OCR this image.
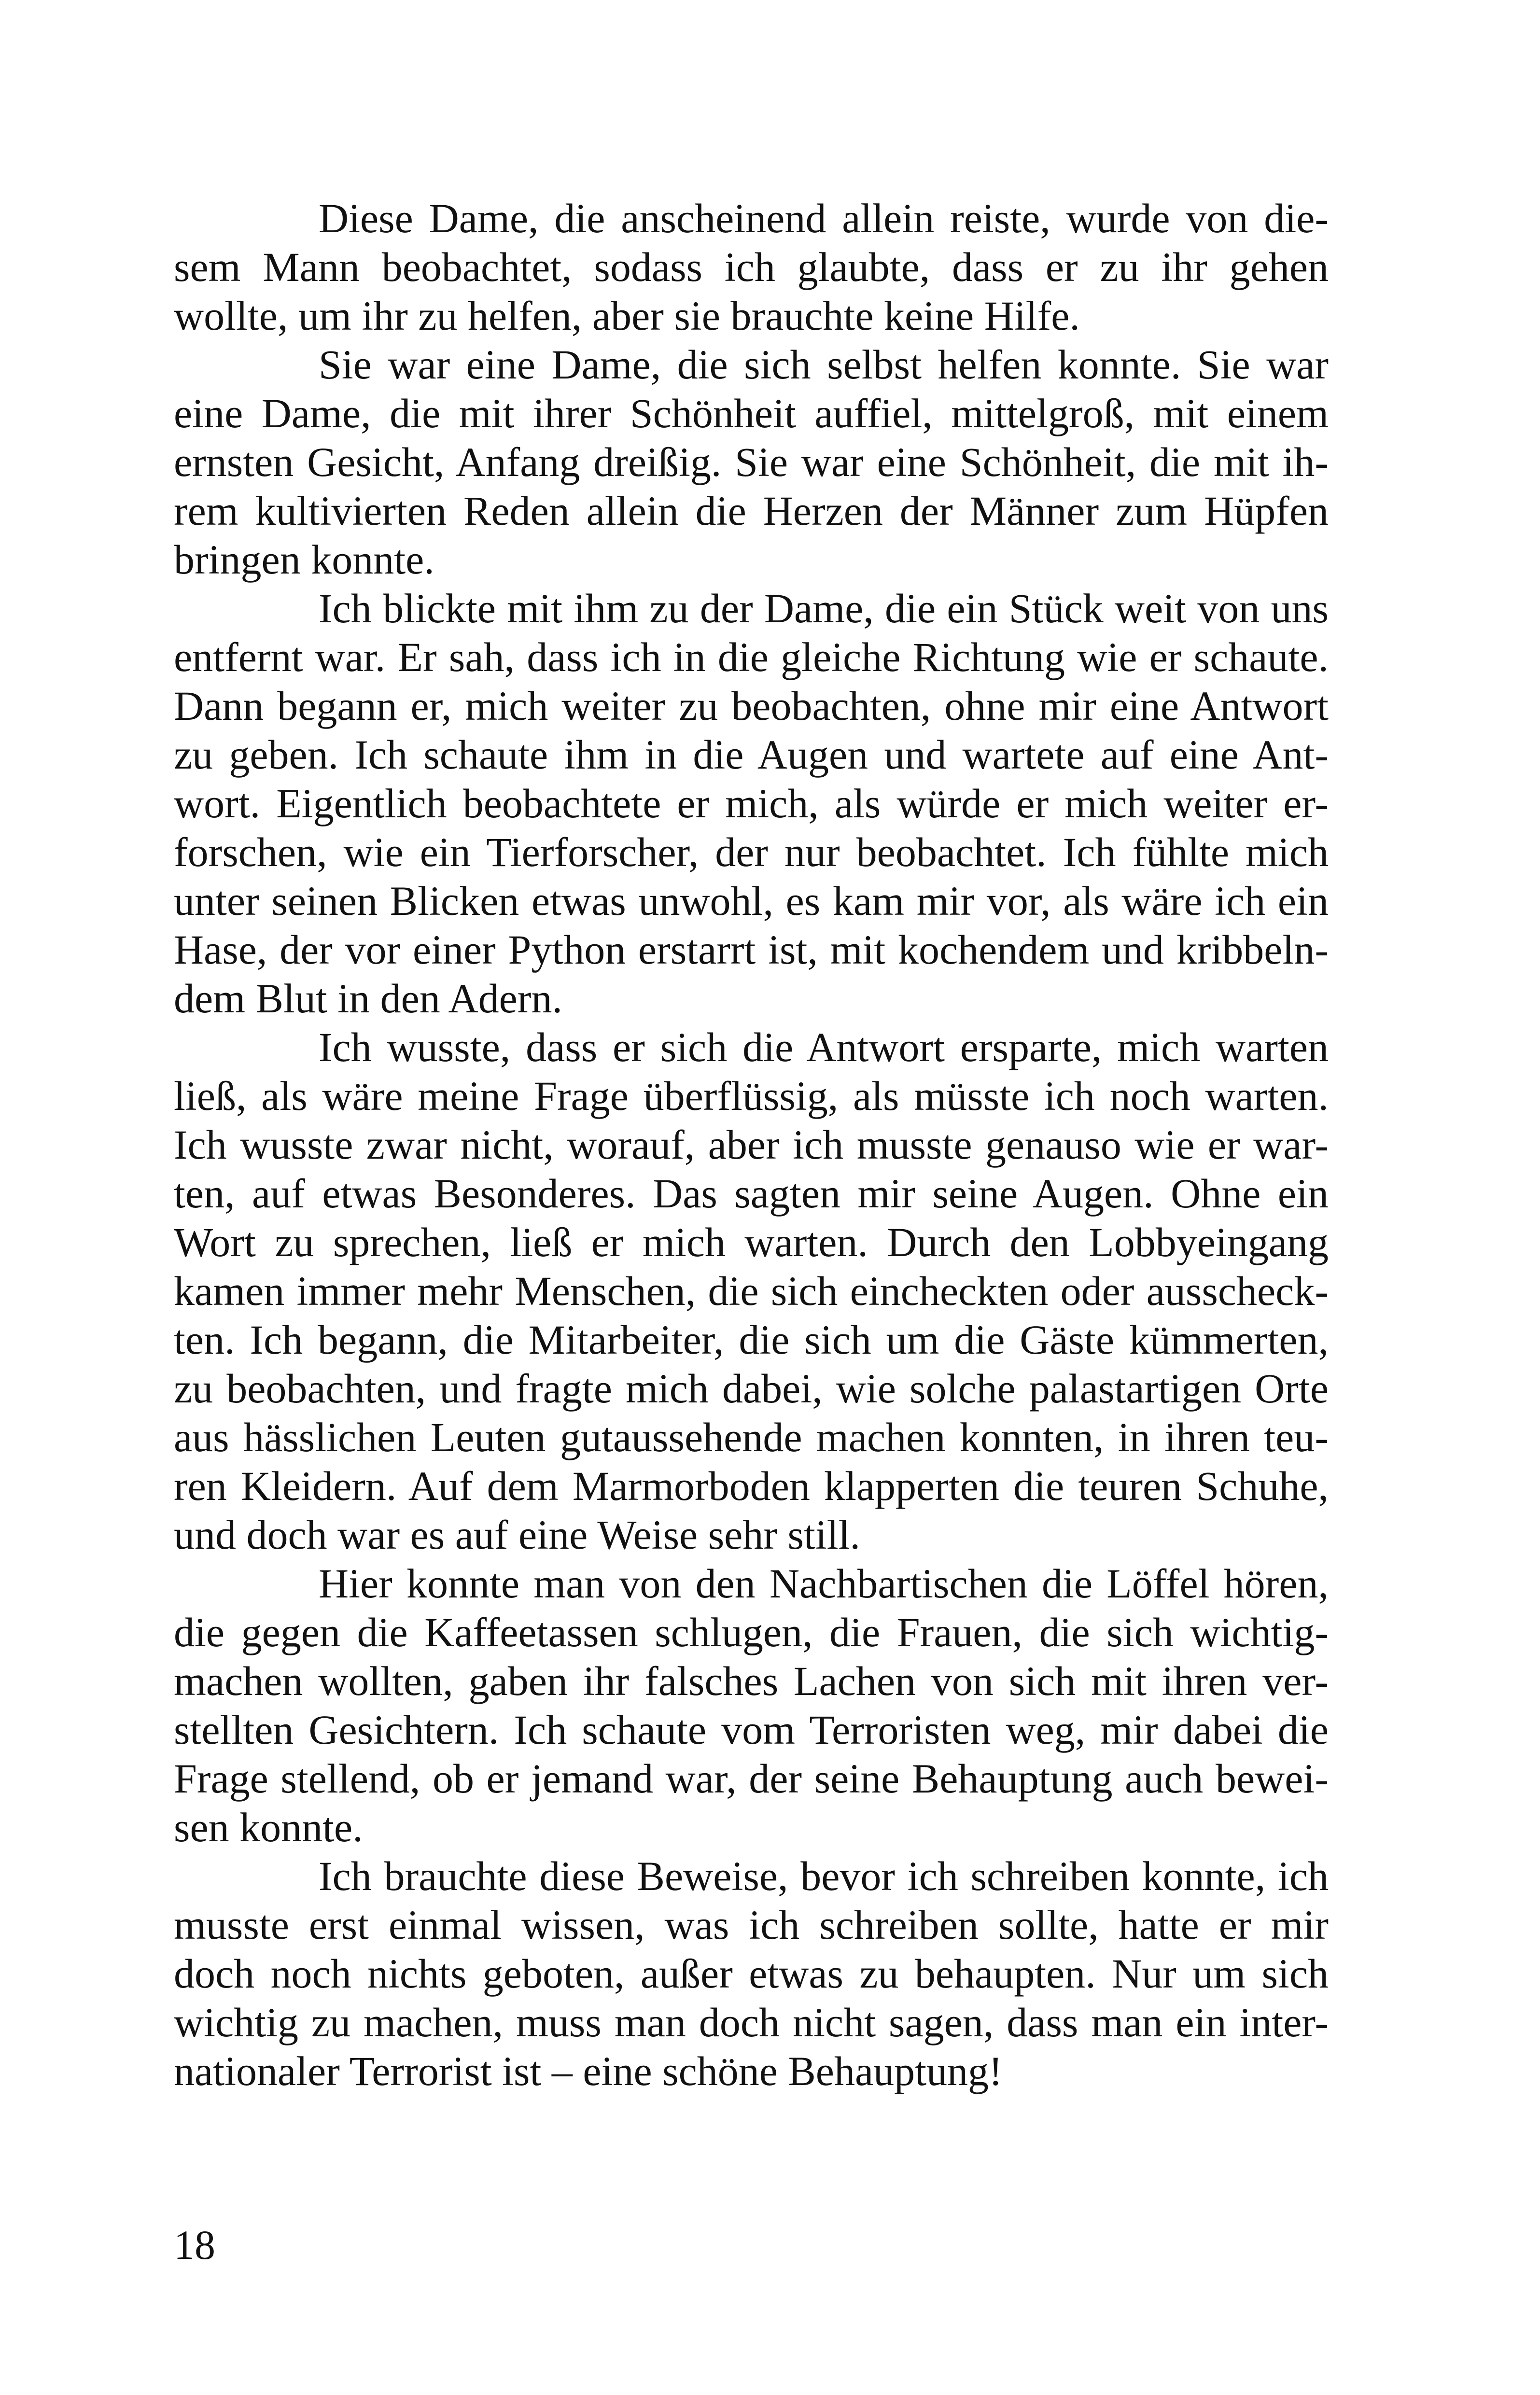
Diese Dame, die anscheinend allein reiste, wurde von die-
sem Mann beobachtet, sodass ich glaubte, dass er zu ihr gehen
wollte, um ihr zu helfen, aber sie brauchte keine Hilfe.
Sie war eine Dame, die sich selbst helfen konnte. Sie war
eine Dame, die mit ihrer Schönheit auffiel, mittelgroß, mit einem
ernsten Gesicht, Anfang dreißig. Sie war eine Schönheit, die mit ih-
rem kultivierten Reden allein die Herzen der Männer zum Hüpfen
bringen konnte.
Ich blickte mit ihm zu der Dame, die ein Stück weit von uns
entfernt war. Er sah, dass ich in die gleiche Richtung wie er schaute.
Dann begann er, mich weiter zu beobachten, ohne mir eine Antwort
zu geben. Ich schaute ihm in die Augen und wartete auf eine Ant-
wort. Eigentlich beobachtete er mich, als würde er mich weiter er-
forschen, wie ein Tierforscher, der nur beobachtet. Ich fühlte mich
unter seinen Blicken etwas unwohl, es kam mir vor, als wäre ich ein
Hase, der vor einer Python erstarrt ist, mit kochendem und kribbeln-
dem Blut in den Adern.
Ich wusste, dass er sich die Antwort ersparte, mich warten
ließ, als wäre meine Frage überflüssig, als müsste ich noch warten.
Ich wusste zwar nicht, worauf, aber ich musste genauso wie er war-
ten, auf etwas Besonderes. Das sagten mir seine Augen. Ohne ein
Wort zu sprechen, ließ er mich warten. Durch den Lobbyeingang
kamen immer mehr Menschen, die sich eincheckten oder ausscheck-
ten. Ich begann, die Mitarbeiter, die sich um die Gäste kümmerten,
zu beobachten, und fragte mich dabei, wie solche palastartigen Orte
aus hässlichen Leuten gutaussehende machen konnten, in ihren teu-
ren Kleidern. Auf dem Marmorboden klapperten die teuren Schuhe,
und doch war es auf eine Weise sehr still.
Hier konnte man von den Nachbartischen die Löffel hören,
die gegen die Kaffeetassen schlugen, die Frauen, die sich wichtig-
machen wollten, gaben ihr falsches Lachen von sich mit ihren ver-
stellten Gesichtern. Ich schaute vom Terroristen weg, mir dabei die
Frage stellend, ob er jemand war, der seine Behauptung auch bewei-
sen konnte.
Ich brauchte diese Beweise, bevor ich schreiben konnte, ich
musste erst einmal wissen, was ich schreiben sollte, hatte er mir
doch noch nichts geboten, außer etwas zu behaupten. Nur um sich
wichtig zu machen, muss man doch nicht sagen, dass man ein inter-
nationaler Terrorist ist – eine schöne Behauptung!
18
